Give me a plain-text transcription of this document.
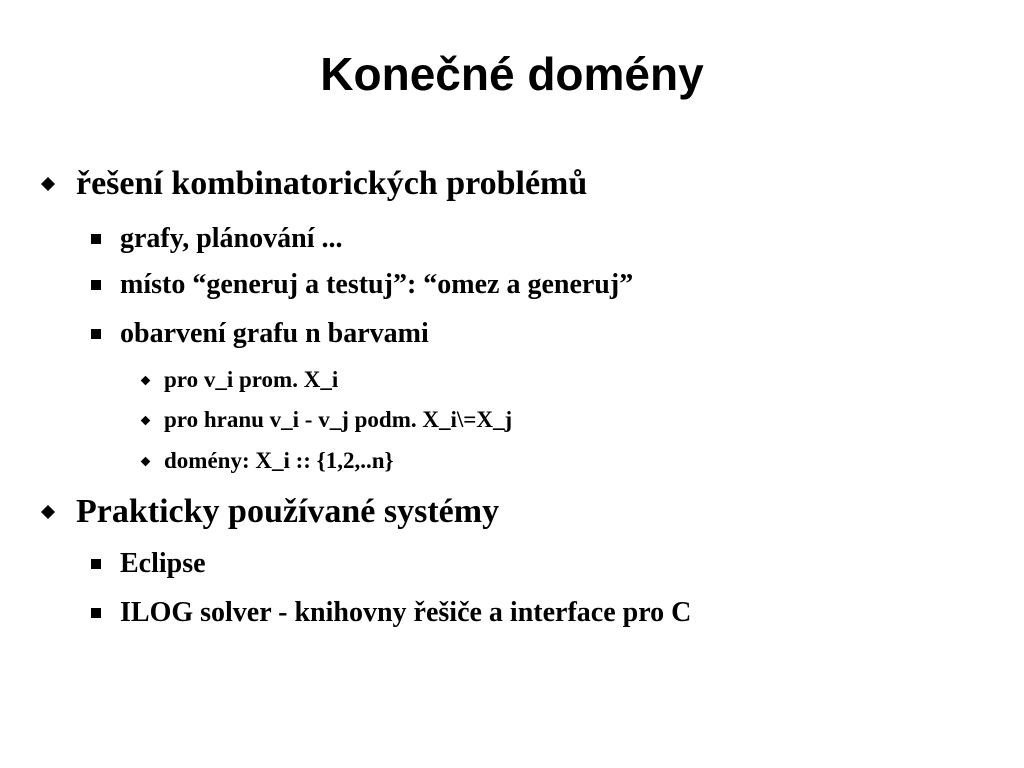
Konečné domény
řešení kombinatorických problémů
grafy, plánování ...
místo “generuj a testuj”: “omez a generuj”
obarvení grafu n barvami
pro v_i prom. X_i
pro hranu v_i - v_j podm. X_i\=X_j
domény: X_i :: {1,2,..n}
Prakticky používané systémy
Eclipse
ILOG solver - knihovny řešiče a interface pro C
